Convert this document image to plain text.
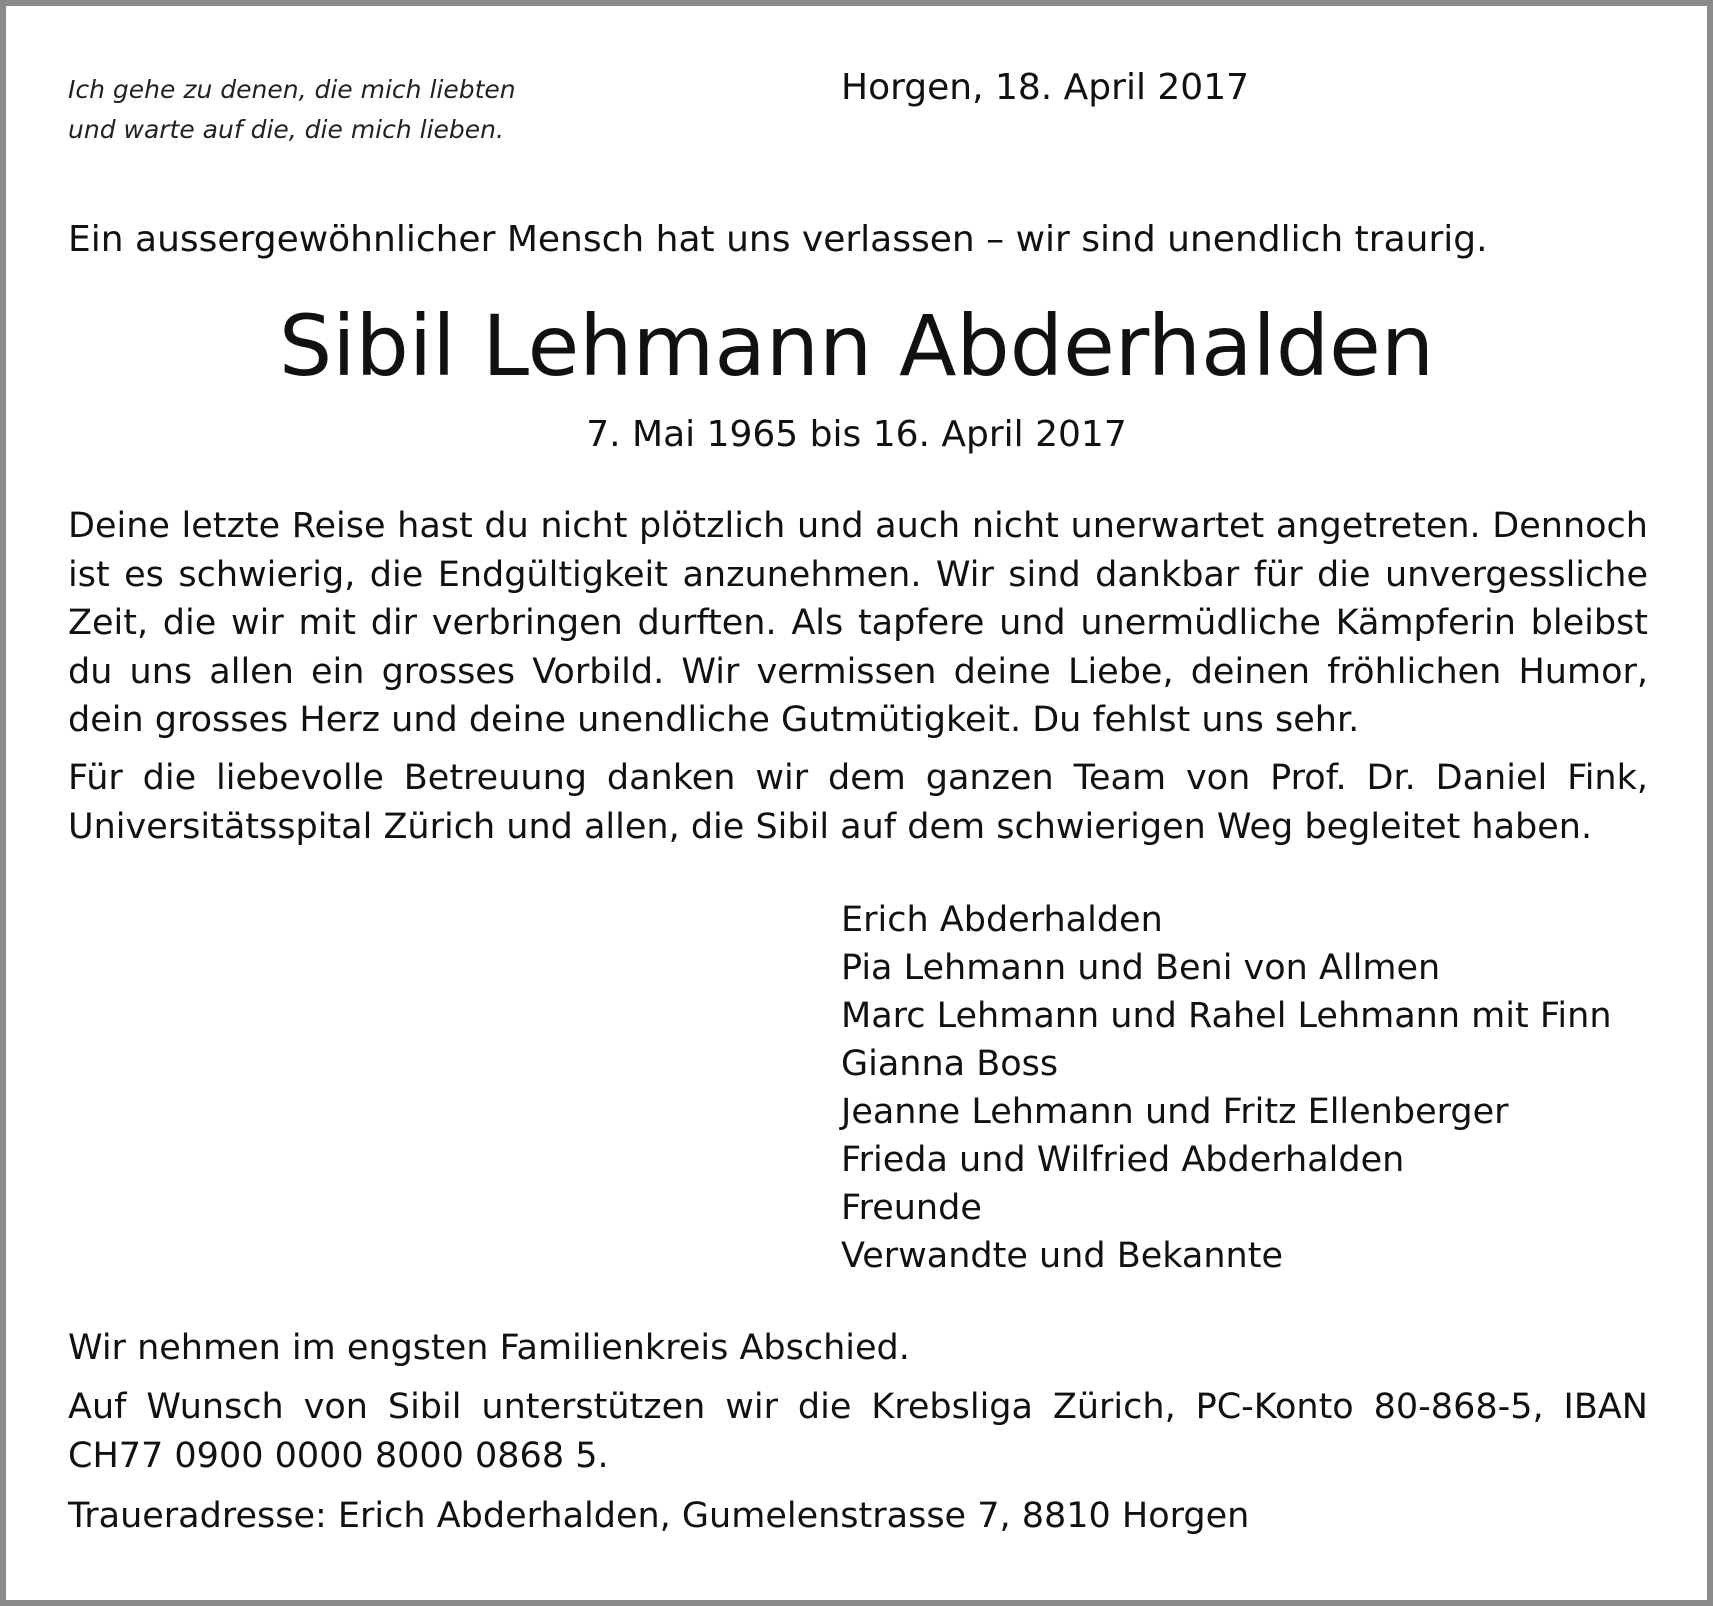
Ich gehe zu denen, die mich liebten
und warte auf die, die mich lieben.
Horgen, 18. April 2017
Ein aussergewöhnlicher Mensch hat uns verlassen – wir sind unendlich traurig.
Sibil Lehmann Abderhalden
7. Mai 1965 bis 16. April 2017
Deine letzte Reise hast du nicht plötzlich und auch nicht unerwartet angetreten. Dennoch ist es schwierig, die Endgültigkeit anzunehmen. Wir sind dankbar für die unvergessliche Zeit, die wir mit dir verbringen durften. Als tapfere und unermüdliche Kämpferin bleibst du uns allen ein grosses Vorbild. Wir vermissen deine Liebe, deinen fröhlichen Humor, dein grosses Herz und deine unendliche Gutmütigkeit. Du fehlst uns sehr.
Für die liebevolle Betreuung danken wir dem ganzen Team von Prof. Dr. Daniel Fink, Universitätsspital Zürich und allen, die Sibil auf dem schwierigen Weg begleitet haben.
Erich Abderhalden
Pia Lehmann und Beni von Allmen
Marc Lehmann und Rahel Lehmann mit Finn
Gianna Boss
Jeanne Lehmann und Fritz Ellenberger
Frieda und Wilfried Abderhalden
Freunde
Verwandte und Bekannte
Wir nehmen im engsten Familienkreis Abschied.
Auf Wunsch von Sibil unterstützen wir die Krebsliga Zürich, PC-Konto 80-868-5, IBAN CH77 0900 0000 8000 0868 5.
Traueradresse: Erich Abderhalden, Gumelenstrasse 7, 8810 Horgen
